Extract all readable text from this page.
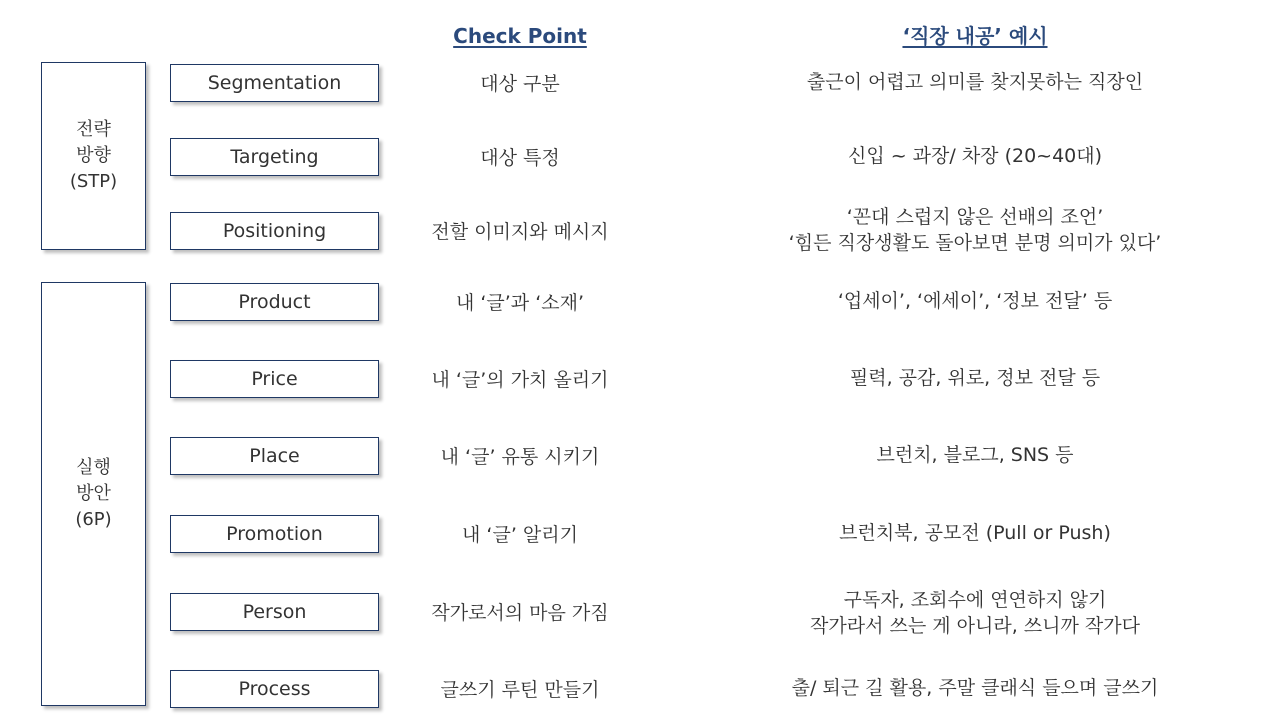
Check Point	‘직장 내공’ 예시
전략
방향
(STP)
실행
방안
(6P)
Segmentation	대상 구분	출근이 어렵고 의미를 찾지못하는 직장인
Targeting	대상 특정	신입 ~ 과장/ 차장 (20~40대)
Positioning	전할 이미지와 메시지
‘꼰대 스럽지 않은 선배의 조언’
‘힘든 직장생활도 돌아보면 분명 의미가 있다’
Product	내 ‘글’과 ‘소재’	‘업세이’, ‘에세이’, ‘정보 전달’ 등
Price	내 ‘글’의 가치 올리기	필력, 공감, 위로, 정보 전달 등
Place	내 ‘글’ 유통 시키기	브런치, 블로그, SNS 등
Promotion	내 ‘글’ 알리기	브런치북, 공모전 (Pull or Push)
Person	작가로서의 마음 가짐
구독자, 조회수에 연연하지 않기
작가라서 쓰는 게 아니라, 쓰니까 작가다
Process	글쓰기 루틴 만들기	출/ 퇴근 길 활용, 주말 클래식 들으며 글쓰기
